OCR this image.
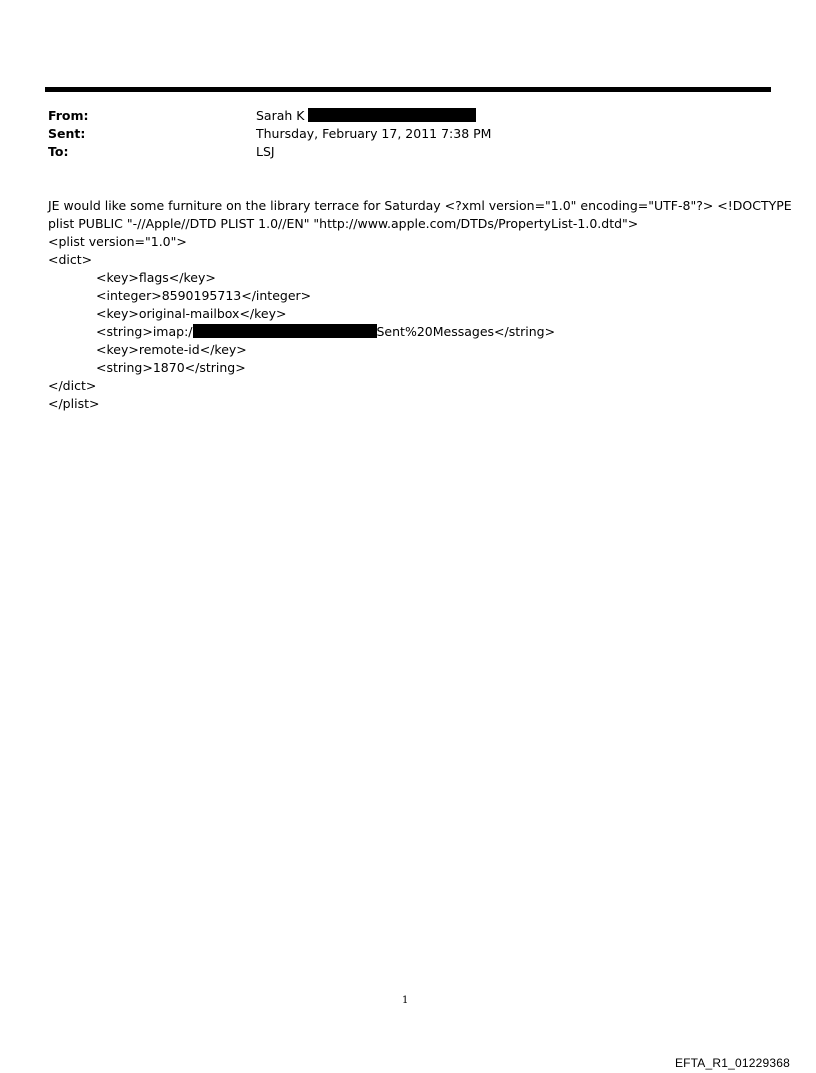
From:	Sarah K
Sent:	Thursday, February 17, 2011 7:38 PM
To:	LSJ
JE would like some furniture on the library terrace for Saturday <?xml version="1.0" encoding="UTF-8"?> <!DOCTYPE
plist PUBLIC "-//Apple//DTD PLIST 1.0//EN" "http://www.apple.com/DTDs/PropertyList-1.0.dtd">
<plist version="1.0">
<dict>
<key>flags</key>
<integer>8590195713</integer>
<key>original-mailbox</key>
<string>imap:/	Sent%20Messages</string>
<key>remote-id</key>
<string>1870</string>
</dict>
</plist>
1
EFTA_R1_01229368
